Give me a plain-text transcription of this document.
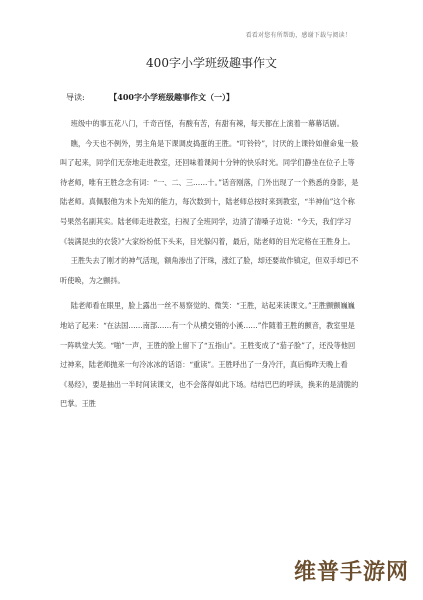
看看对您有所帮助，感谢下载与阅读！
400字小学班级趣事作文
导读:	【400字小学班级趣事作文（一）】

班级中的事五花八门，千奇百怪，有酸有苦，有甜有辣，每天都在上演着一幕幕话剧。

瞧，今天也不例外，男主角是下课调皮捣蛋的王胜。“叮铃铃”，讨厌的上课铃如催命鬼一般叫了起来，同学们无奈地走进教室，还回味着课间十分钟的快乐时光。同学们静坐在位子上等待老师，唯有王胜念念有词：“一、二、三……十。”话音刚落，门外出现了一个熟悉的身影，是陆老师。真佩服他为未卜先知的能力，每次数到十，陆老师总按时来到教室，“半神仙”这个称号果然名副其实。陆老师走进教室，扫视了全班同学，边清了清嗓子边说：“今天，我们学习《装满昆虫的衣袋》”大家纷纷低下头来，目光躲闪着，最后，陆老师的目光定格在王胜身上。

王胜失去了刚才的神气活现，额角渗出了汗珠，涨红了脸，却还要故作镇定，但双手却已不听使唤，为之颤抖。

陆老师看在眼里，脸上露出一丝不易察觉的、微笑：“王胜，站起来读课文。”王胜颤颤巍巍地站了起来：“在法国……南部……有一个从横交错的小溪……”作随着王胜的颤音，教室里是一阵哄堂大笑。“啪”一声，王胜的脸上留下了“五指山”。王胜变成了“茄子脸”了，还没等他回过神来，陆老师抛来一句冷冰冰的话语：“重读”。王胜呼出了一身冷汗，真后悔昨天晚上看《易经》，要是抽出一半时间读课文，也不会落得如此下场。结结巴巴的呼读，换来的是清脆的巴掌。王胜

维普手游网
